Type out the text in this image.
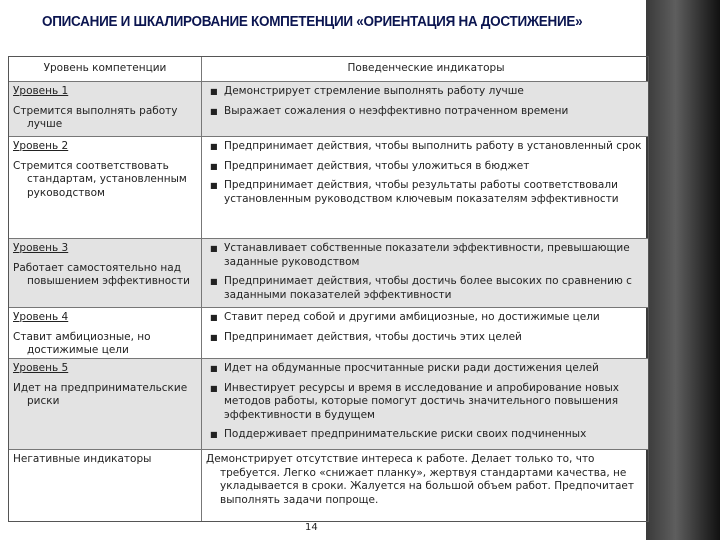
ОПИСАНИЕ И ШКАЛИРОВАНИЕ КОМПЕТЕНЦИИ «ОРИЕНТАЦИЯ НА ДОСТИЖЕНИЕ»
Уровень компетенции	Поведенческие индикаторы
Уровень 1
Стремится выполнять работу лучше
■ Демонстрирует стремление выполнять работу лучше
■ Выражает сожаления о неэффективно потраченном времени
Уровень 2
Стремится соответствовать стандартам, установленным руководством
■ Предпринимает действия, чтобы выполнить работу в установленный срок
■ Предпринимает действия, чтобы уложиться в бюджет
■ Предпринимает действия, чтобы результаты работы соответствовали установленным руководством ключевым показателям эффективности
Уровень 3
Работает самостоятельно над повышением эффективности
■ Устанавливает собственные показатели эффективности, превышающие заданные руководством
■ Предпринимает действия, чтобы достичь более высоких по сравнению с заданными показателей эффективности
Уровень 4
Ставит амбициозные, но достижимые цели
■ Ставит перед собой и другими амбициозные, но достижимые цели
■ Предпринимает действия, чтобы достичь этих целей
Уровень 5
Идет на предпринимательские риски
■ Идет на обдуманные просчитанные риски ради достижения целей
■ Инвестирует ресурсы и время в исследование и апробирование новых методов работы, которые помогут достичь значительного повышения эффективности в будущем
■ Поддерживает предпринимательские риски своих подчиненных
Негативные индикаторы	Демонстрирует отсутствие интереса к работе. Делает только то, что требуется. Легко «снижает планку», жертвуя стандартами качества, не укладывается в сроки. Жалуется на большой объем работ. Предпочитает выполнять задачи попроще.
14
